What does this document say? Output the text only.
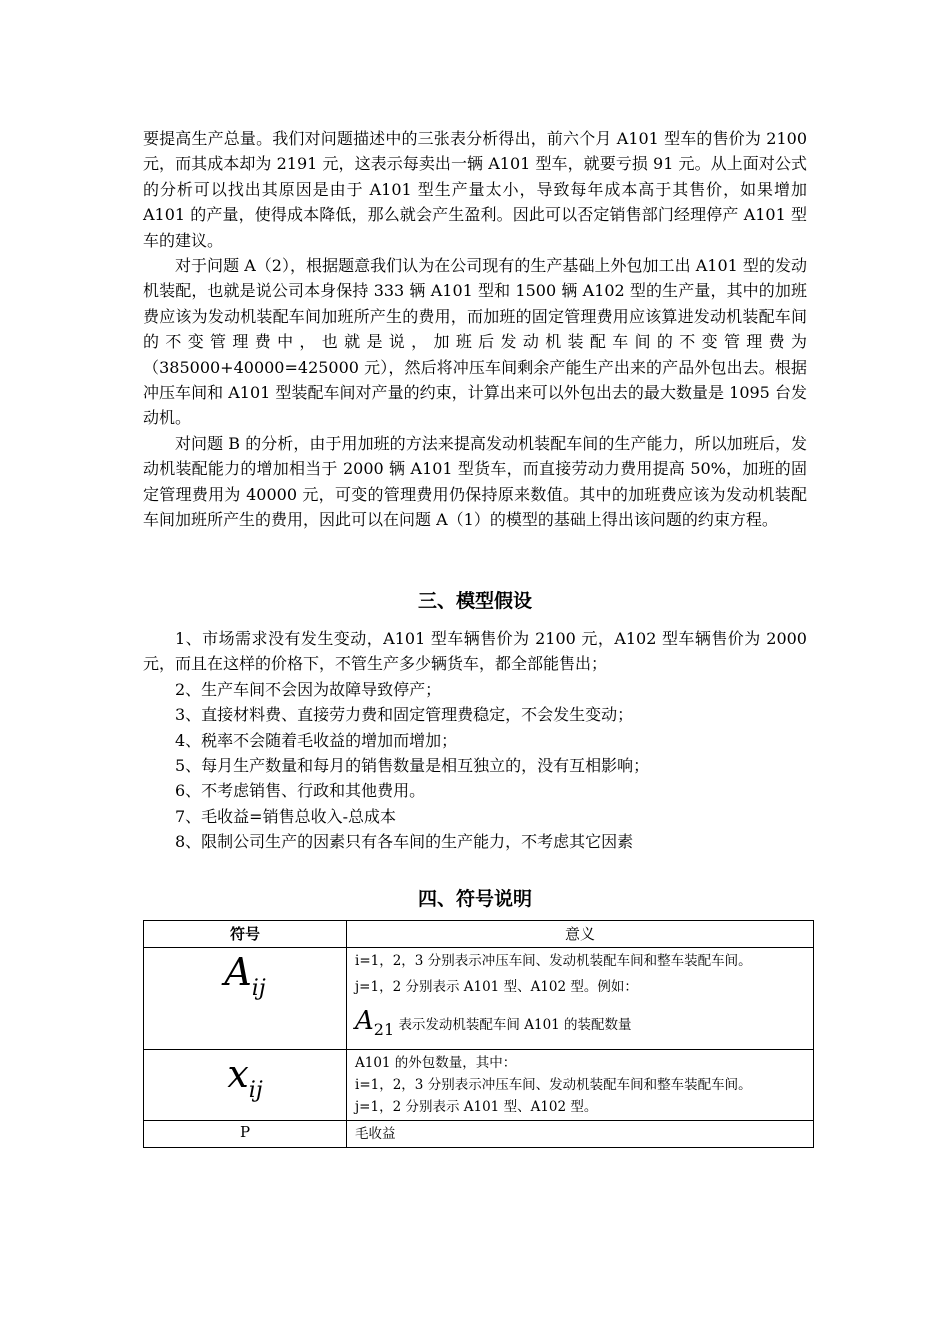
要提高生产总量。我们对问题描述中的三张表分析得出，前六个月 A101 型车的售价为 2100 元，而其成本却为 2191 元，这表示每卖出一辆 A101 型车，就要亏损 91 元。从上面对公式的分析可以找出其原因是由于 A101 型生产量太小，导致每年成本高于其售价，如果增加 A101 的产量，使得成本降低，那么就会产生盈利。因此可以否定销售部门经理停产 A101 型车的建议。

对于问题 A（2），根据题意我们认为在公司现有的生产基础上外包加工出 A101 型的发动机装配，也就是说公司本身保持 333 辆 A101 型和 1500 辆 A102 型的生产量，其中的加班费应该为发动机装配车间加班所产生的费用，而加班的固定管理费用应该算进发动机装配车间的不变管理费中，也就是说，加班后发动机装配车间的不变管理费为（385000+40000=425000 元），然后将冲压车间剩余产能生产出来的产品外包出去。根据冲压车间和 A101 型装配车间对产量的约束，计算出来可以外包出去的最大数量是 1095 台发动机。

对问题 B 的分析，由于用加班的方法来提高发动机装配车间的生产能力，所以加班后，发动机装配能力的增加相当于 2000 辆 A101 型货车，而直接劳动力费用提高 50%，加班的固定管理费用为 40000 元，可变的管理费用仍保持原来数值。其中的加班费应该为发动机装配车间加班所产生的费用，因此可以在问题 A（1）的模型的基础上得出该问题的约束方程。

三、模型假设

1、市场需求没有发生变动，A101 型车辆售价为 2100 元，A102 型车辆售价为 2000 元，而且在这样的价格下，不管生产多少辆货车，都全部能售出；

2、生产车间不会因为故障导致停产；

3、直接材料费、直接劳力费和固定管理费稳定，不会发生变动；

4、税率不会随着毛收益的增加而增加；

5、每月生产数量和每月的销售数量是相互独立的，没有互相影响；

6、不考虑销售、行政和其他费用。

7、毛收益=销售总收入-总成本

8、限制公司生产的因素只有各车间的生产能力，不考虑其它因素

四、符号说明
符号	意义
$A_{ij}$	i=1，2，3 分别表示冲压车间、发动机装配车间和整车装配车间。

j=1，2 分别表示 A101 型、A102 型。例如：

$A_{21}$ 表示发动机装配车间 A101 的装配数量

$x_{ij}$	A101 的外包数量，其中：

i=1，2，3 分别表示冲压车间、发动机装配车间和整车装配车间。

j=1，2 分别表示 A101 型、A102 型。

P	毛收益
